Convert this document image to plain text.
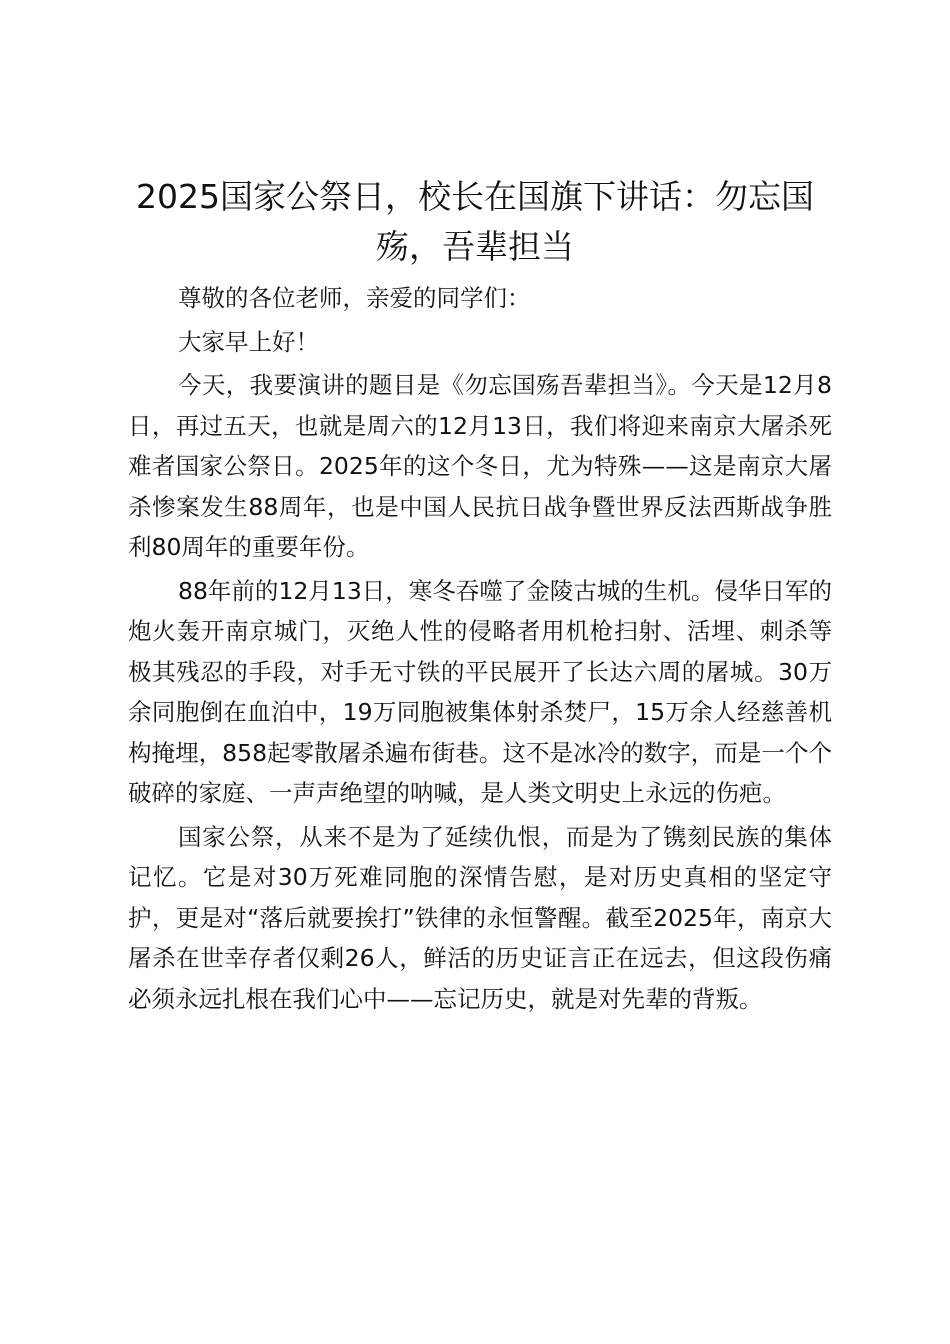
2025国家公祭日，校长在国旗下讲话：勿忘国殇，吾辈担当

尊敬的各位老师，亲爱的同学们：

大家早上好！

今天，我要演讲的题目是《勿忘国殇吾辈担当》。今天是12月8日，再过五天，也就是周六的12月13日，我们将迎来南京大屠杀死难者国家公祭日。2025年的这个冬日，尤为特殊——这是南京大屠杀惨案发生88周年，也是中国人民抗日战争暨世界反法西斯战争胜利80周年的重要年份。

88年前的12月13日，寒冬吞噬了金陵古城的生机。侵华日军的炮火轰开南京城门，灭绝人性的侵略者用机枪扫射、活埋、刺杀等极其残忍的手段，对手无寸铁的平民展开了长达六周的屠城。30万余同胞倒在血泊中，19万同胞被集体射杀焚尸，15万余人经慈善机构掩埋，858起零散屠杀遍布街巷。这不是冰冷的数字，而是一个个破碎的家庭、一声声绝望的呐喊，是人类文明史上永远的伤疤。

国家公祭，从来不是为了延续仇恨，而是为了镌刻民族的集体记忆。它是对30万死难同胞的深情告慰，是对历史真相的坚定守护，更是对“落后就要挨打”铁律的永恒警醒。截至2025年，南京大屠杀在世幸存者仅剩26人，鲜活的历史证言正在远去，但这段伤痛必须永远扎根在我们心中——忘记历史，就是对先辈的背叛。
